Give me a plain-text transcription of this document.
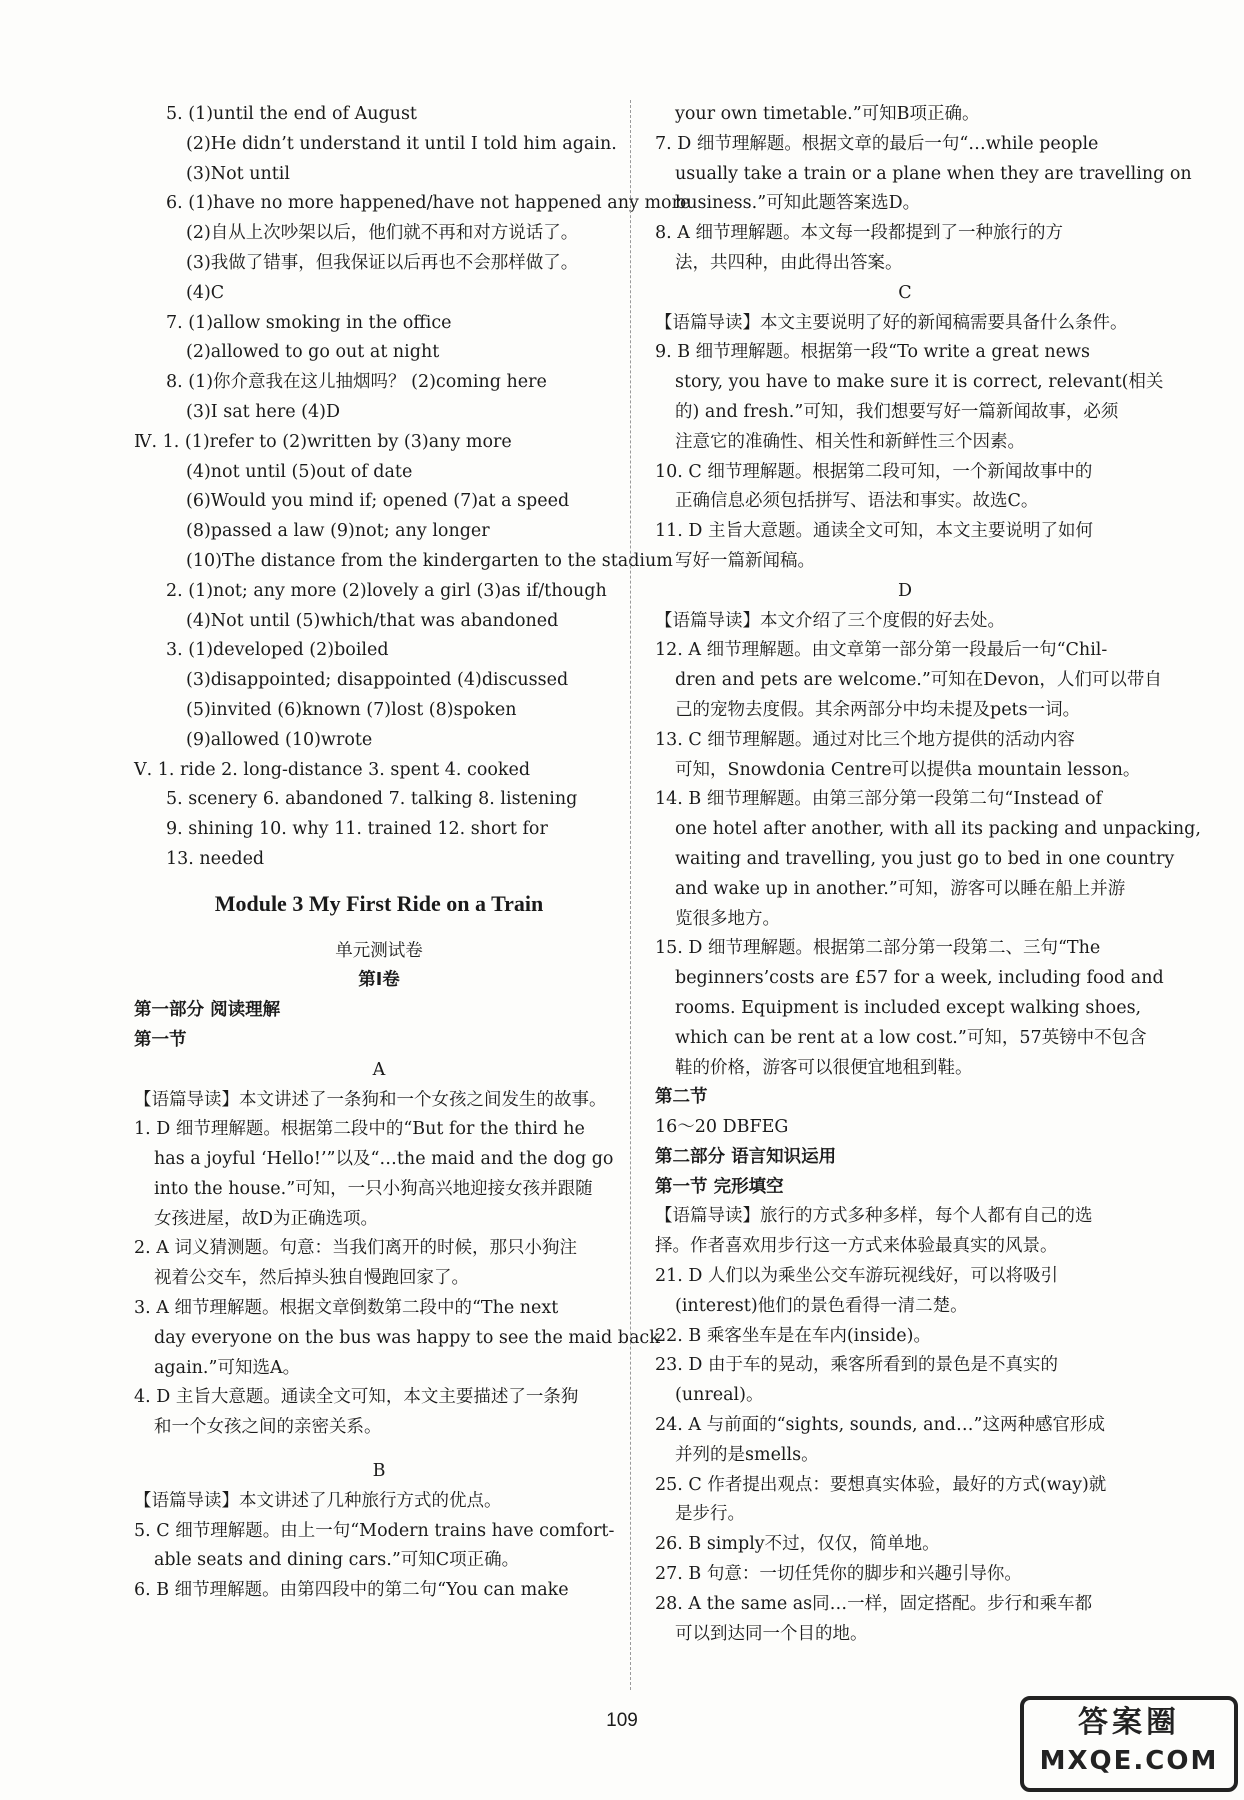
5. (1)until the end of August
(2)He didn’t understand it until I told him again.
(3)Not until
6. (1)have no more happened/have not happened any more
(2)自从上次吵架以后，他们就不再和对方说话了。
(3)我做了错事，但我保证以后再也不会那样做了。
(4)C
7. (1)allow smoking in the office
(2)allowed to go out at night
8. (1)你介意我在这儿抽烟吗？ (2)coming here
(3)I sat here (4)D
Ⅳ. 1. (1)refer to (2)written by (3)any more
(4)not until (5)out of date
(6)Would you mind if; opened (7)at a speed
(8)passed a law (9)not; any longer
(10)The distance from the kindergarten to the stadium
2. (1)not; any more (2)lovely a girl (3)as if/though
(4)Not until (5)which/that was abandoned
3. (1)developed (2)boiled
(3)disappointed; disappointed (4)discussed
(5)invited (6)known (7)lost (8)spoken
(9)allowed (10)wrote
Ⅴ. 1. ride 2. long-distance 3. spent 4. cooked
5. scenery 6. abandoned 7. talking 8. listening
9. shining 10. why 11. trained 12. short for
13. needed
Module 3 My First Ride on a Train
单元测试卷
第Ⅰ卷
第一部分 阅读理解
第一节
A
【语篇导读】本文讲述了一条狗和一个女孩之间发生的故事。
1. D 细节理解题。根据第二段中的“But for the third he
has a joyful ‘Hello!’”以及“…the maid and the dog go
into the house.”可知，一只小狗高兴地迎接女孩并跟随
女孩进屋，故D为正确选项。
2. A 词义猜测题。句意：当我们离开的时候，那只小狗注
视着公交车，然后掉头独自慢跑回家了。
3. A 细节理解题。根据文章倒数第二段中的“The next
day everyone on the bus was happy to see the maid back
again.”可知选A。
4. D 主旨大意题。通读全文可知，本文主要描述了一条狗
和一个女孩之间的亲密关系。
B
【语篇导读】本文讲述了几种旅行方式的优点。
5. C 细节理解题。由上一句“Modern trains have comfort-
able seats and dining cars.”可知C项正确。
6. B 细节理解题。由第四段中的第二句“You can make
your own timetable.”可知B项正确。
7. D 细节理解题。根据文章的最后一句“…while people
usually take a train or a plane when they are travelling on
business.”可知此题答案选D。
8. A 细节理解题。本文每一段都提到了一种旅行的方
法，共四种，由此得出答案。
C
【语篇导读】本文主要说明了好的新闻稿需要具备什么条件。
9. B 细节理解题。根据第一段“To write a great news
story, you have to make sure it is correct, relevant(相关
的) and fresh.”可知，我们想要写好一篇新闻故事，必须
注意它的准确性、相关性和新鲜性三个因素。
10. C 细节理解题。根据第二段可知，一个新闻故事中的
正确信息必须包括拼写、语法和事实。故选C。
11. D 主旨大意题。通读全文可知，本文主要说明了如何
写好一篇新闻稿。
D
【语篇导读】本文介绍了三个度假的好去处。
12. A 细节理解题。由文章第一部分第一段最后一句“Chil-
dren and pets are welcome.”可知在Devon，人们可以带自
己的宠物去度假。其余两部分中均未提及pets一词。
13. C 细节理解题。通过对比三个地方提供的活动内容
可知，Snowdonia Centre可以提供a mountain lesson。
14. B 细节理解题。由第三部分第一段第二句“Instead of
one hotel after another, with all its packing and unpacking,
waiting and travelling, you just go to bed in one country
and wake up in another.”可知，游客可以睡在船上并游
览很多地方。
15. D 细节理解题。根据第二部分第一段第二、三句“The
beginners’costs are £57 for a week, including food and
rooms. Equipment is included except walking shoes,
which can be rent at a low cost.”可知，57英镑中不包含
鞋的价格，游客可以很便宜地租到鞋。
第二节
16～20 DBFEG
第二部分 语言知识运用
第一节 完形填空
【语篇导读】旅行的方式多种多样，每个人都有自己的选
择。作者喜欢用步行这一方式来体验最真实的风景。
21. D 人们以为乘坐公交车游玩视线好，可以将吸引
(interest)他们的景色看得一清二楚。
22. B 乘客坐车是在车内(inside)。
23. D 由于车的晃动，乘客所看到的景色是不真实的
(unreal)。
24. A 与前面的“sights, sounds, and…”这两种感官形成
并列的是smells。
25. C 作者提出观点：要想真实体验，最好的方式(way)就
是步行。
26. B simply不过，仅仅，简单地。
27. B 句意：一切任凭你的脚步和兴趣引导你。
28. A the same as同…一样，固定搭配。步行和乘车都
可以到达同一个目的地。
109	答案圈
MXQE.COM
